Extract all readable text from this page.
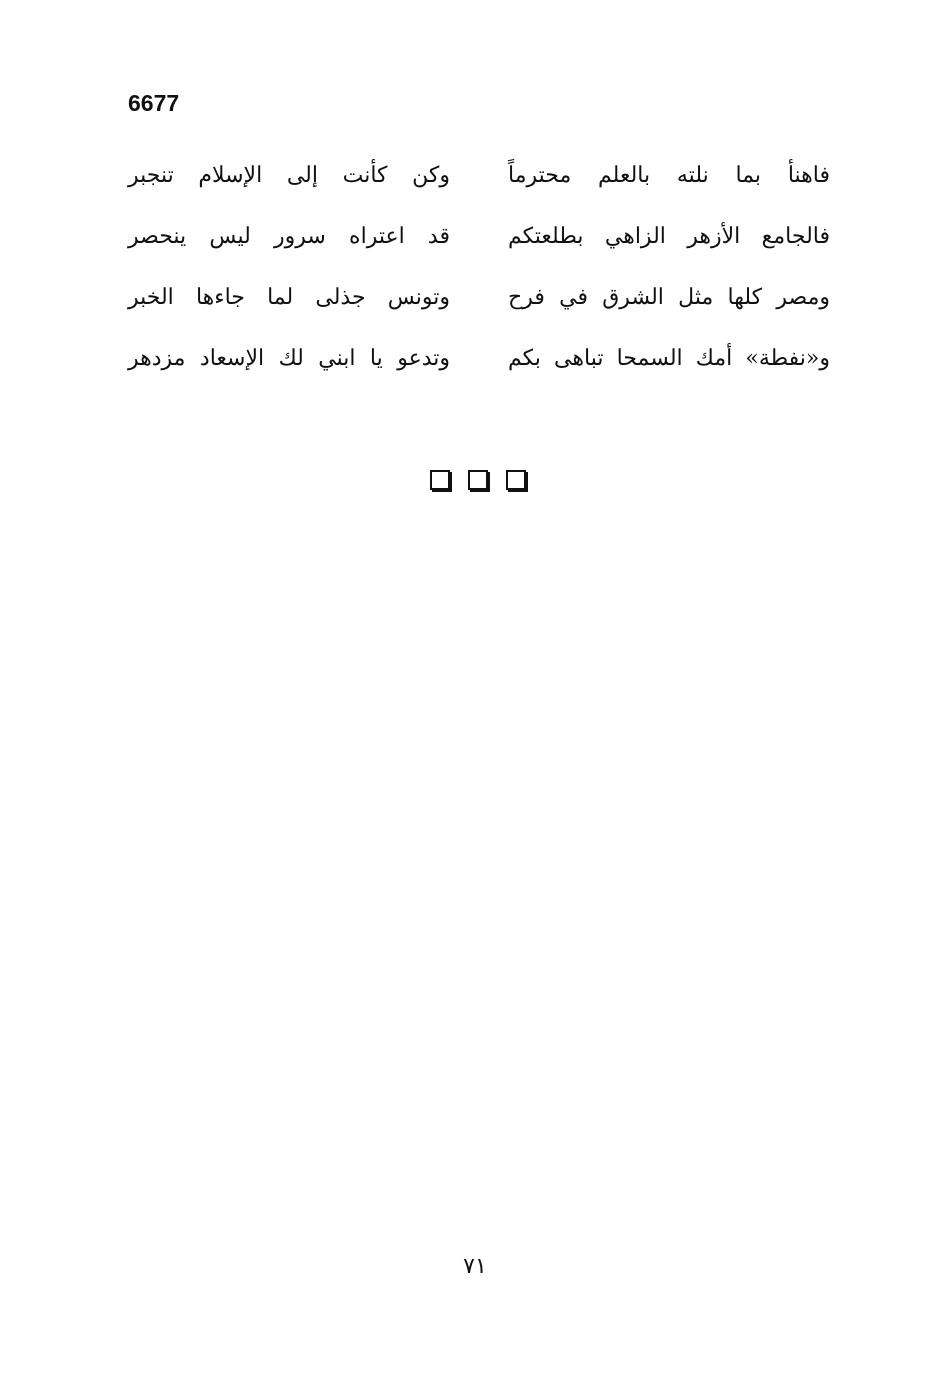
6677
فاهنأ بما نلته بالعلم محترماً
وكن كأنت إلى الإسلام تنجبر
فالجامع الأزهر الزاهي بطلعتكم
قد اعتراه سرور ليس ينحصر
ومصر كلها مثل الشرق في فرح
وتونس جذلى لما جاءها الخبر
و«نفطة» أمك السمحا تباهى بكم
وتدعو يا ابني لك الإسعاد مزدهر
٧١
